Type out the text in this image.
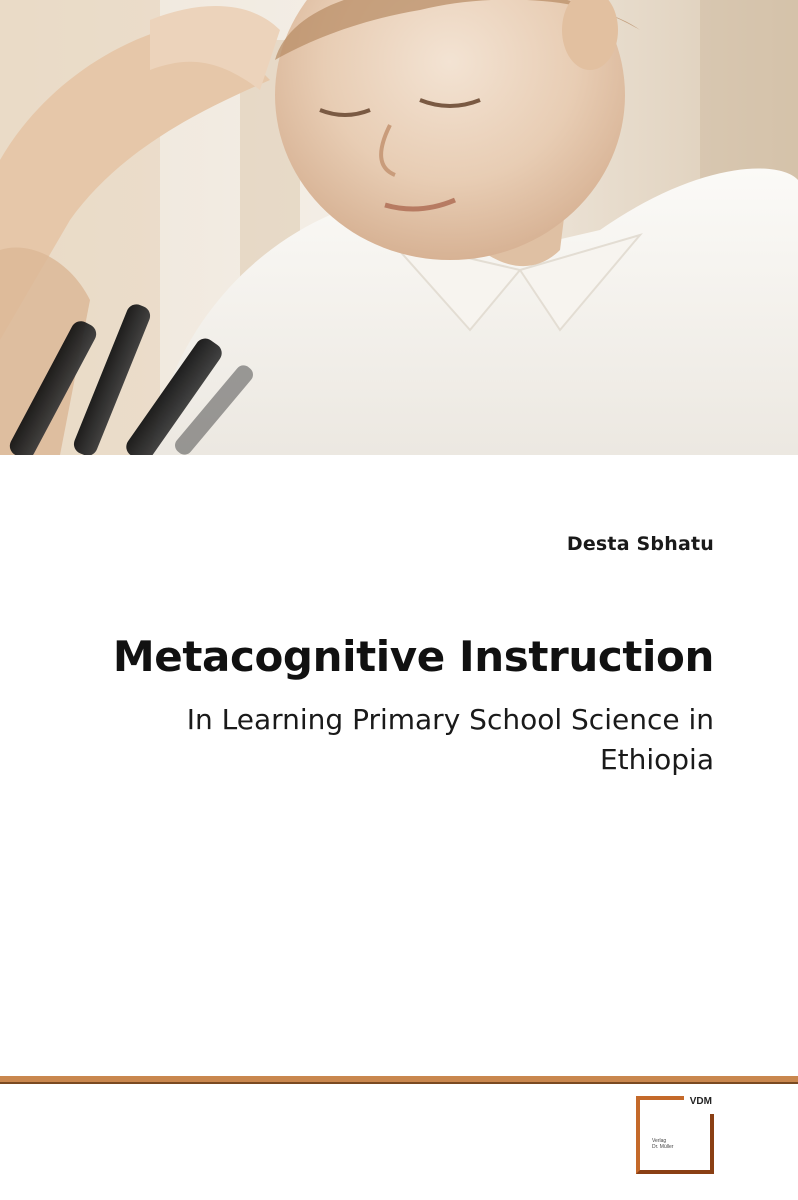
Desta Sbhatu
Metacognitive Instruction
In Learning Primary School Science in
Ethiopia
VDM
Verlag
Dr. Müller
